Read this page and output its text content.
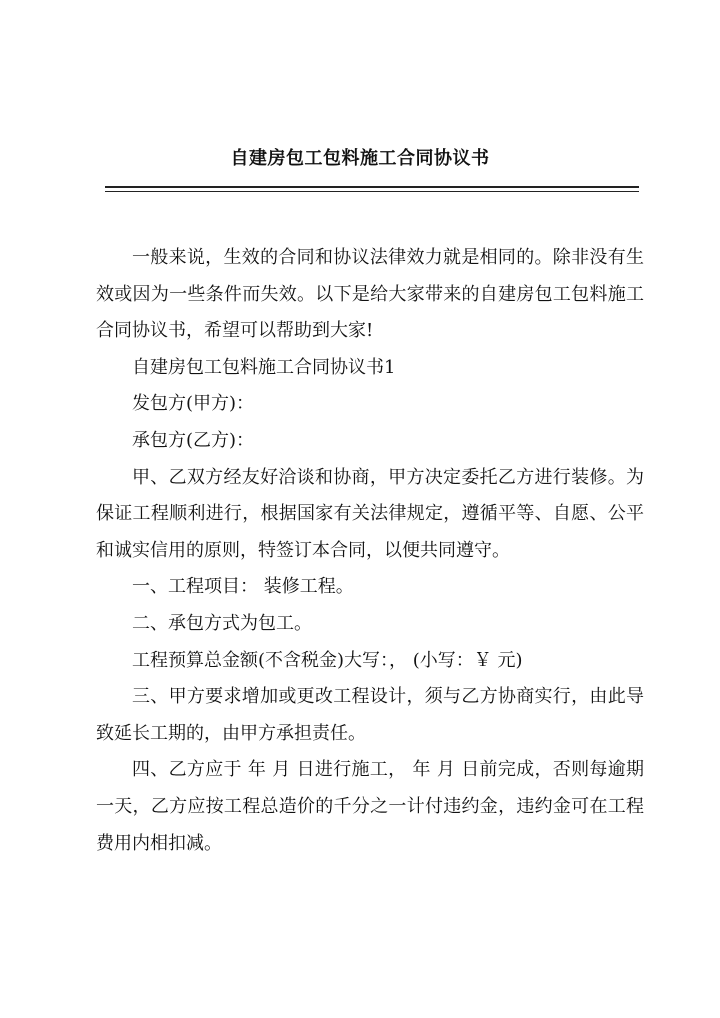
自建房包工包料施工合同协议书

一般来说，生效的合同和协议法律效力就是相同的。除非没有生效或因为一些条件而失效。以下是给大家带来的自建房包工包料施工合同协议书，希望可以帮助到大家!

自建房包工包料施工合同协议书1

发包方(甲方)：

承包方(乙方)：

甲、乙双方经友好洽谈和协商，甲方决定委托乙方进行装修。为保证工程顺利进行，根据国家有关法律规定，遵循平等、自愿、公平和诚实信用的原则，特签订本合同，以便共同遵守。

一、工程项目： 装修工程。

二、承包方式为包工。

工程预算总金额(不含税金)大写：， (小写：￥ 元)

三、甲方要求增加或更改工程设计，须与乙方协商实行，由此导致延长工期的，由甲方承担责任。

四、乙方应于 年 月 日进行施工， 年 月 日前完成，否则每逾期一天，乙方应按工程总造价的千分之一计付违约金，违约金可在工程费用内相扣减。
